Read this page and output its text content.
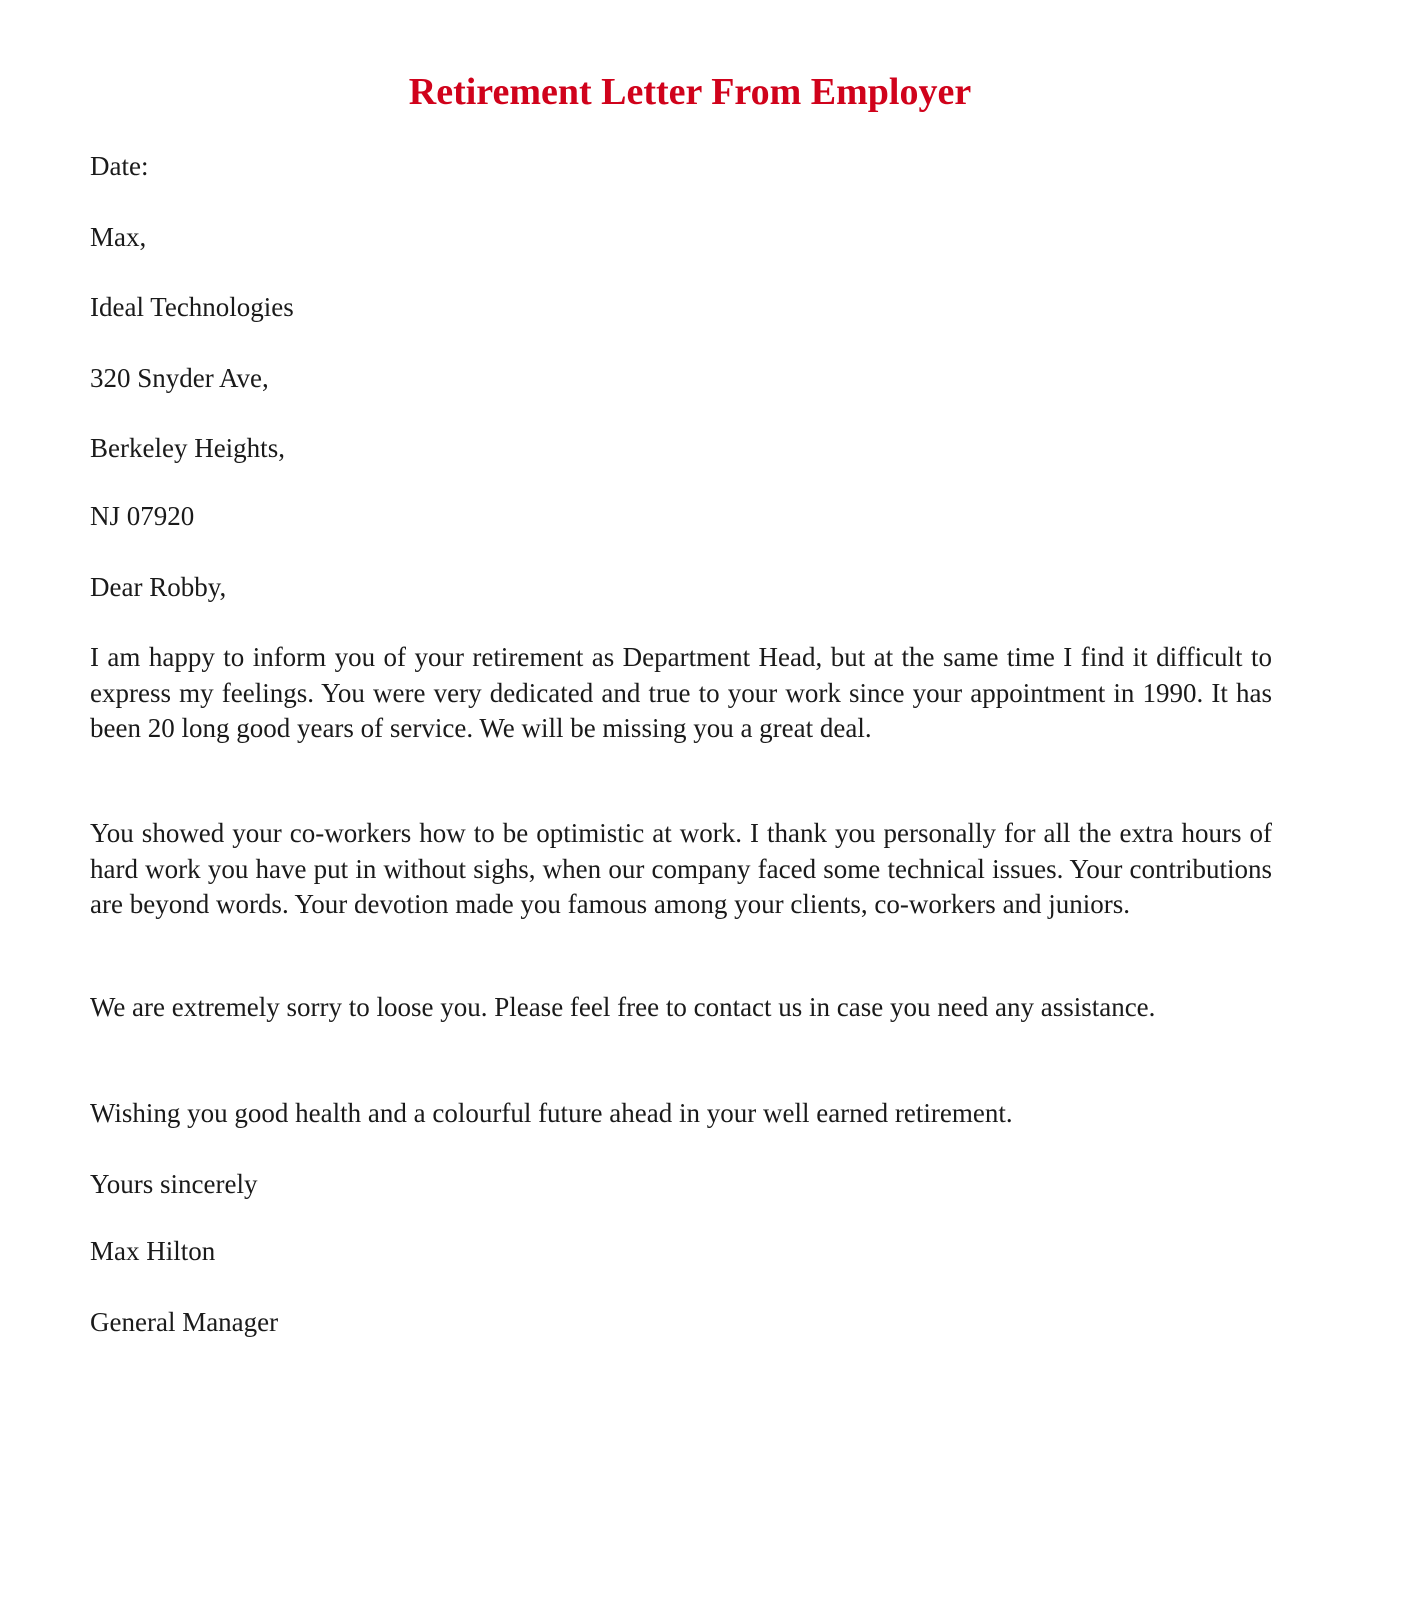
Retirement Letter From Employer

Date:

Max,

Ideal Technologies

320 Snyder Ave,

Berkeley Heights,

NJ 07920

Dear Robby,

I am happy to inform you of your retirement as Department Head, but at the same time I find it difficult to express my feelings. You were very dedicated and true to your work since your appointment in 1990. It has been 20 long good years of service. We will be missing you a great deal.

You showed your co-workers how to be optimistic at work. I thank you personally for all the extra hours of hard work you have put in without sighs, when our company faced some technical issues. Your contributions are beyond words. Your devotion made you famous among your clients, co-workers and juniors.

We are extremely sorry to loose you. Please feel free to contact us in case you need any assistance.

Wishing you good health and a colourful future ahead in your well earned retirement.

Yours sincerely

Max Hilton

General Manager
